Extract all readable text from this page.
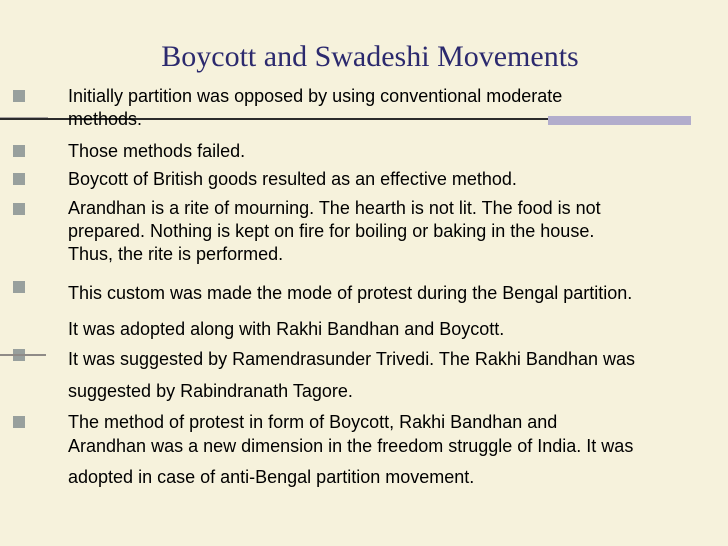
Boycott and Swadeshi Movements
Initially partition was opposed by using conventional moderate
methods.
Those methods failed.
Boycott of British goods resulted as an effective method.
Arandhan is a rite of mourning. The hearth is not lit. The food is not
prepared. Nothing is kept on fire for boiling or baking in the house.
Thus, the rite is performed.
This custom was made the mode of protest during the Bengal partition.
It was adopted along with Rakhi Bandhan and Boycott.
It was suggested by Ramendrasunder Trivedi. The Rakhi Bandhan was
suggested by Rabindranath Tagore.
The method of protest in form of Boycott, Rakhi Bandhan and
Arandhan was a new dimension in the freedom struggle of India. It was
adopted in case of anti-Bengal partition movement.
